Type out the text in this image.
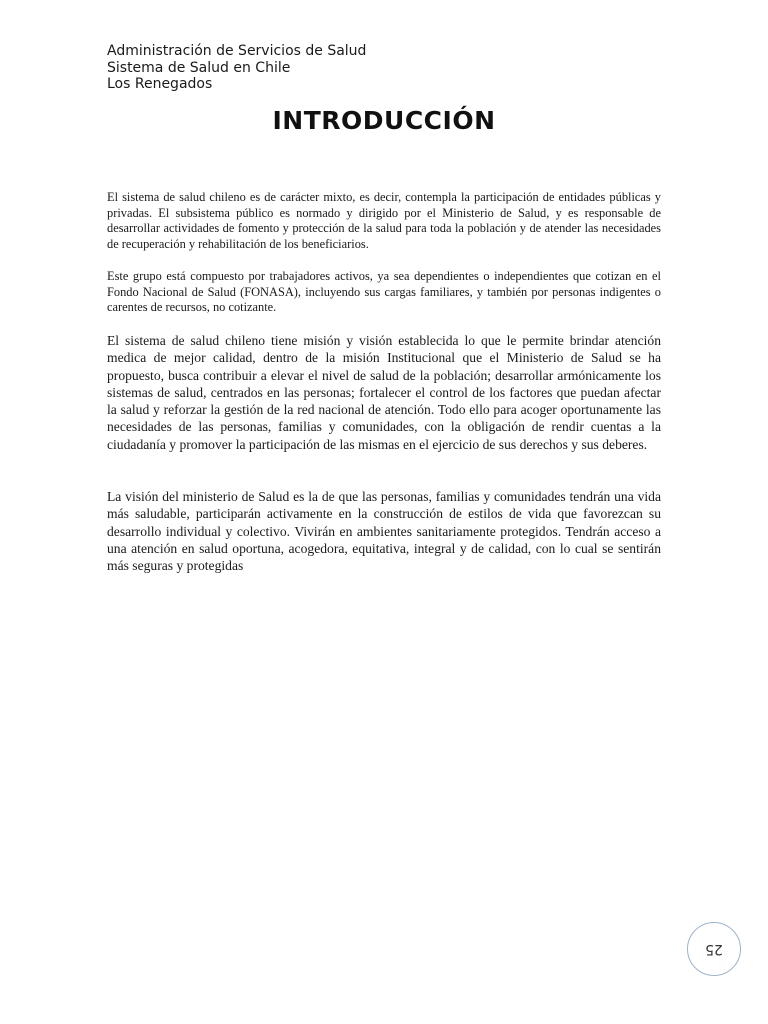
Administración de Servicios de Salud
Sistema de Salud en Chile
Los Renegados
INTRODUCCIÓN

El sistema de salud chileno es de carácter mixto, es decir, contempla la participación de entidades públicas y privadas. El subsistema público es normado y dirigido por el Ministerio de Salud, y es responsable de desarrollar actividades de fomento y protección de la salud para toda la población y de atender las necesidades de recuperación y rehabilitación de los beneficiarios.

Este grupo está compuesto por trabajadores activos, ya sea dependientes o independientes que cotizan en el Fondo Nacional de Salud (FONASA), incluyendo sus cargas familiares, y también por personas indigentes o carentes de recursos, no cotizante.

El sistema de salud chileno tiene misión y visión establecida lo que le permite brindar atención medica de mejor calidad, dentro de la misión Institucional que el Ministerio de Salud se ha propuesto, busca contribuir a elevar el nivel de salud de la población; desarrollar armónicamente los sistemas de salud, centrados en las personas; fortalecer el control de los factores que puedan afectar la salud y reforzar la gestión de la red nacional de atención. Todo ello para acoger oportunamente las necesidades de las personas, familias y comunidades, con la obligación de rendir cuentas a la ciudadanía y promover la participación de las mismas en el ejercicio de sus derechos y sus deberes.

La visión del ministerio de Salud es la de que las personas, familias y comunidades tendrán una vida más saludable, participarán activamente en la construcción de estilos de vida que favorezcan su desarrollo individual y colectivo. Vivirán en ambientes sanitariamente protegidos. Tendrán acceso a una atención en salud oportuna, acogedora, equitativa, integral y de calidad, con lo cual se sentirán más seguras y protegidas

25
